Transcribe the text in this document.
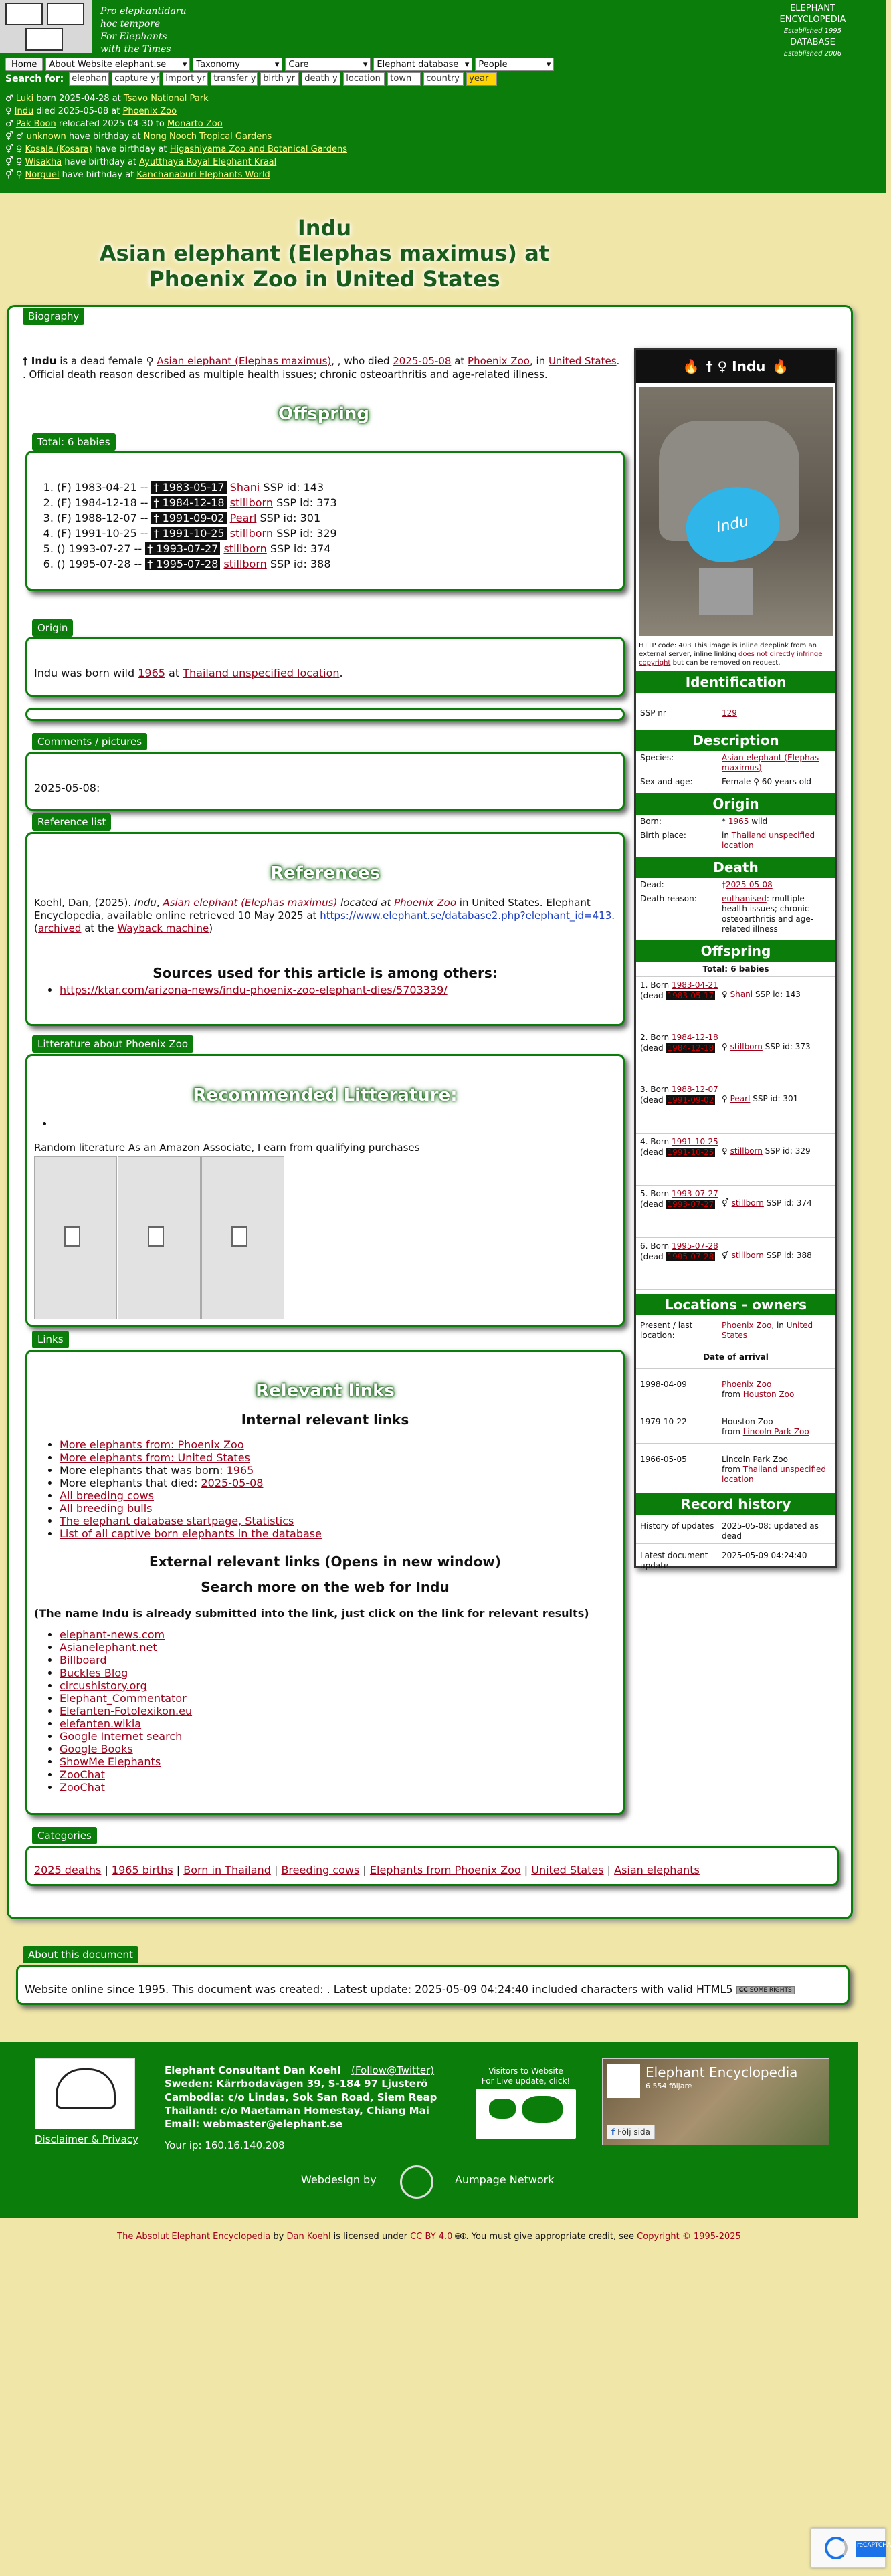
Pro elephantidaru
hoc tempore
For Elephants
with the Times
ELEPHANT
ENCYCLOPEDIA
Established 1995
DATABASE
Established 2006
Home	About Website elephant.se ▾ Taxonomy	▾ Care	▾ Elephant database ▾ People	▾
Search for: elephan capture yr import yr transfer y birth yr	death y location	town	country	year
♂ Luki born 2025-04-28 at Tsavo National Park
♀ Indu died 2025-05-08 at Phoenix Zoo
♂ Pak Boon relocated 2025-04-30 to Monarto Zoo
⚥ ♂ unknown have birthday at Nong Nooch Tropical Gardens
⚥ ♀ Kosala (Kosara) have birthday at Higashiyama Zoo and Botanical Gardens
⚥ ♀ Wisakha have birthday at Ayutthaya Royal Elephant Kraal
⚥ ♀ Norguel have birthday at Kanchanaburi Elephants World
Indu
Asian elephant (Elephas maximus) at
Phoenix Zoo in United States
Biography
† Indu is a dead female ♀ Asian elephant (Elephas maximus), , who died 2025-05-08 at Phoenix Zoo, in United States. . Official death reason described as multiple health issues; chronic osteoarthritis and age-related illness.
Offspring
Total: 6 babies
1. (F) 1983-04-21 -- † 1983-05-17 Shani SSP id: 143
2. (F) 1984-12-18 -- † 1984-12-18 stillborn SSP id: 373
3. (F) 1988-12-07 -- † 1991-09-02 Pearl SSP id: 301
4. (F) 1991-10-25 -- † 1991-10-25 stillborn SSP id: 329
5. () 1993-07-27 -- † 1993-07-27 stillborn SSP id: 374
6. () 1995-07-28 -- † 1995-07-28 stillborn SSP id: 388
Origin
Indu was born wild 1965 at Thailand unspecified location.
Comments / pictures
2025-05-08:
Reference list
References
Koehl, Dan, (2025). Indu, Asian elephant (Elephas maximus) located at Phoenix Zoo in United States. Elephant Encyclopedia, available online retrieved 10 May 2025 at https://www.elephant.se/database2.php?elephant_id=413. (archived at the Wayback machine)
Sources used for this article is among others:
• https://ktar.com/arizona-news/indu-phoenix-zoo-elephant-dies/5703339/
Litterature about Phoenix Zoo
Recommended Litterature:
•
Random literature As an Amazon Associate, I earn from qualifying purchases
Links
Relevant links
Internal relevant links
• More elephants from: Phoenix Zoo
• More elephants from: United States
• More elephants that was born: 1965
• More elephants that died: 2025-05-08
• All breeding cows
• All breeding bulls
• The elephant database startpage, Statistics
• List of all captive born elephants in the database
External relevant links (Opens in new window)
Search more on the web for Indu
(The name Indu is already submitted into the link, just click on the link for relevant results)
• elephant-news.com
• Asianelephant.net
• Billboard
• Buckles Blog
• circushistory.org
• Elephant_Commentator
• Elefanten-Fotolexikon.eu
• elefanten.wikia
• Google Internet search
• Google Books
• ShowMe Elephants
• ZooChat
• ZooChat
Categories
2025 deaths | 1965 births | Born in Thailand | Breeding cows | Elephants from Phoenix Zoo | United States | Asian elephants
About this document
Website online since 1995. This document was created: . Latest update: 2025-05-09 04:24:40 included characters with valid HTML5 CC SOME RIGHTS
🔥 † ♀ Indu 🔥
Indu
HTTP code: 403 This image is inline deeplink from an external server, inline linking does not directly infringe copyright but can be removed on request.
Identification
SSP nr	129
Description
Species:	Asian elephant (Elephas maximus)
Sex and age:	Female ♀ 60 years old
Origin
Born:	* 1965 wild
Birth place:	in Thailand unspecified location
Death
Dead:	†2025-05-08
Death reason:	euthanised: multiple health issues; chronic osteoarthritis and age-related illness
Offspring
Total: 6 babies
1. Born 1983-04-21
(dead 1983-05-17 ♀ Shani SSP id: 143
2. Born 1984-12-18
(dead 1984-12-18 ♀ stillborn SSP id: 373
3. Born 1988-12-07
(dead 1991-09-02 ♀ Pearl SSP id: 301
4. Born 1991-10-25
(dead 1991-10-25 ♀ stillborn SSP id: 329
5. Born 1993-07-27
(dead 1993-07-27 ⚥ stillborn SSP id: 374
6. Born 1995-07-28
(dead 1995-07-28 ⚥ stillborn SSP id: 388
Locations - owners
Present / last location:
Phoenix Zoo, in United States
Date of arrival
1998-04-09	Phoenix Zoo
from Houston Zoo
1979-10-22	Houston Zoo
from Lincoln Park Zoo
1966-05-05	Lincoln Park Zoo
from Thailand unspecified location
Record history
History of updates 2025-05-08: updated as dead
Latest document update
2025-05-09 04:24:40
Disclaimer & Privacy
Elephant Consultant Dan Koehl (Follow@Twitter)
Sweden: Kärrbodavägen 39, S-184 97 Ljusterö
Cambodia: c/o Lindas, Sok San Road, Siem Reap
Thailand: c/o Maetaman Homestay, Chiang Mai
Email: webmaster@elephant.se
Your ip: 160.16.140.208
Visitors to Website
For Live update, click!
Elephant Encyclopedia
6 554 följare
f Följ sida
Webdesign by	Aumpage Network
The Absolut Elephant Encyclopedia by Dan Koehl is licensed under CC BY 4.0 🅭🅯. You must give appropriate credit, see Copyright © 1995-2025
reCAPTCHA
